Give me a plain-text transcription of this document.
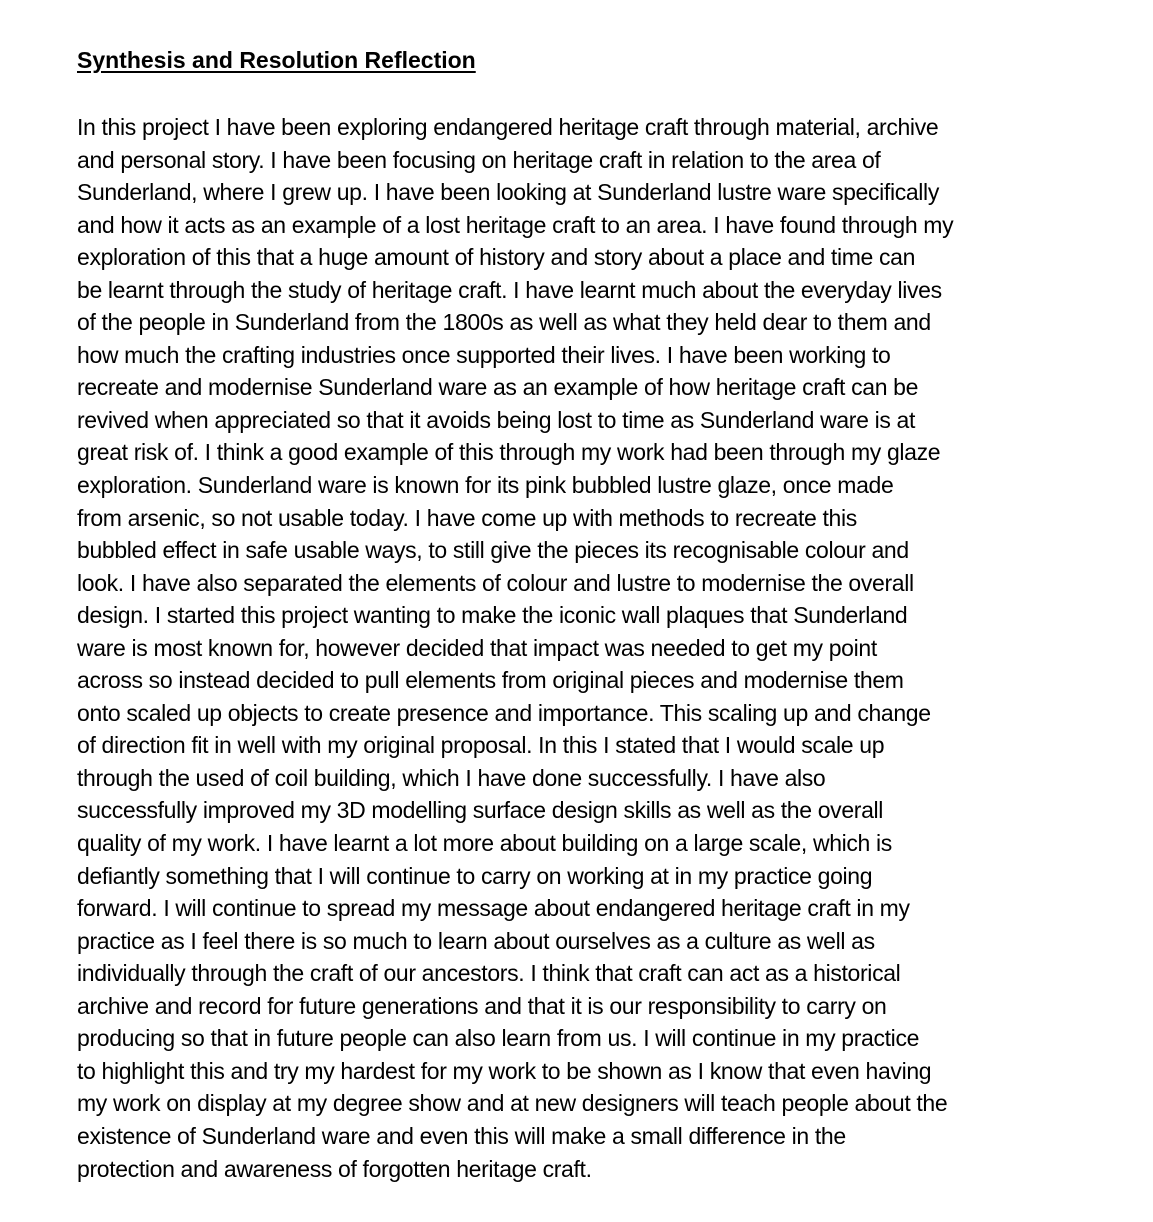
Synthesis and Resolution Reflection
In this project I have been exploring endangered heritage craft through material, archive
and personal story. I have been focusing on heritage craft in relation to the area of
Sunderland, where I grew up. I have been looking at Sunderland lustre ware specifically
and how it acts as an example of a lost heritage craft to an area. I have found through my
exploration of this that a huge amount of history and story about a place and time can
be learnt through the study of heritage craft. I have learnt much about the everyday lives
of the people in Sunderland from the 1800s as well as what they held dear to them and
how much the crafting industries once supported their lives. I have been working to
recreate and modernise Sunderland ware as an example of how heritage craft can be
revived when appreciated so that it avoids being lost to time as Sunderland ware is at
great risk of. I think a good example of this through my work had been through my glaze
exploration. Sunderland ware is known for its pink bubbled lustre glaze, once made
from arsenic, so not usable today. I have come up with methods to recreate this
bubbled effect in safe usable ways, to still give the pieces its recognisable colour and
look. I have also separated the elements of colour and lustre to modernise the overall
design. I started this project wanting to make the iconic wall plaques that Sunderland
ware is most known for, however decided that impact was needed to get my point
across so instead decided to pull elements from original pieces and modernise them
onto scaled up objects to create presence and importance. This scaling up and change
of direction fit in well with my original proposal. In this I stated that I would scale up
through the used of coil building, which I have done successfully. I have also
successfully improved my 3D modelling surface design skills as well as the overall
quality of my work. I have learnt a lot more about building on a large scale, which is
defiantly something that I will continue to carry on working at in my practice going
forward. I will continue to spread my message about endangered heritage craft in my
practice as I feel there is so much to learn about ourselves as a culture as well as
individually through the craft of our ancestors. I think that craft can act as a historical
archive and record for future generations and that it is our responsibility to carry on
producing so that in future people can also learn from us. I will continue in my practice
to highlight this and try my hardest for my work to be shown as I know that even having
my work on display at my degree show and at new designers will teach people about the
existence of Sunderland ware and even this will make a small difference in the
protection and awareness of forgotten heritage craft.
